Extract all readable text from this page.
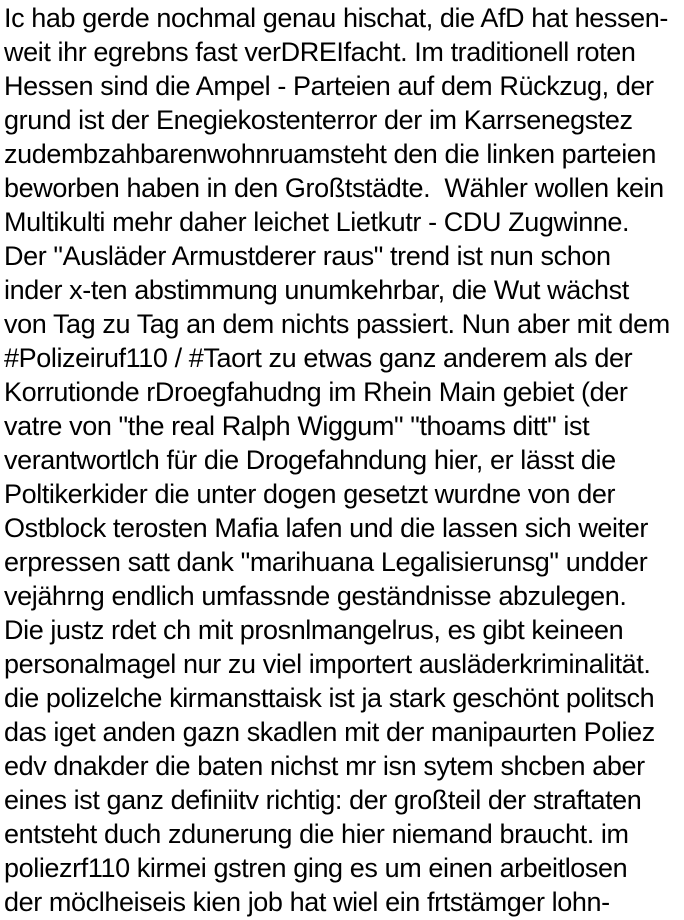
Ic hab gerde nochmal genau hischat, die AfD hat hessen-
weit ihr egrebns fast verDREIfacht. Im traditionell roten
Hessen sind die Ampel - Parteien auf dem Rückzug, der
grund ist der Enegiekostenterror der im Karrsenegstez
zudembzahbarenwohnruamsteht den die linken parteien
beworben haben in den Großtstädte.  Wähler wollen kein
Multikulti mehr daher leichet Lietkutr - CDU Zugwinne.
Der "Ausläder Armustderer raus" trend ist nun schon
inder x-ten abstimmung unumkehrbar, die Wut wächst
von Tag zu Tag an dem nichts passiert. Nun aber mit dem
#Polizeiruf110 / #Taort zu etwas ganz anderem als der
Korrutionde rDroegfahudng im Rhein Main gebiet (der
vatre von "the real Ralph Wiggum" "thoams ditt" ist
verantwortlch für die Drogefahndung hier, er lässt die
Poltikerkider die unter dogen gesetzt wurdne von der
Ostblock terosten Mafia lafen und die lassen sich weiter
erpressen satt dank "marihuana Legalisierunsg" undder
vejährng endlich umfassnde geständnisse abzulegen.
Die justz rdet ch mit prosnlmangelrus, es gibt keineen
personalmagel nur zu viel importert ausläderkriminalität.
die polizelche kirmansttaisk ist ja stark geschönt politsch
das iget anden gazn skadlen mit der manipaurten Poliez
edv dnakder die baten nichst mr isn sytem shcben aber
eines ist ganz definiitv richtig: der großteil der straftaten
entsteht duch zdunerung die hier niemand braucht. im
poliezrf110 kirmei gstren ging es um einen arbeitlosen
der möclheiseis kien job hat wiel ein frtstämger lohn-
